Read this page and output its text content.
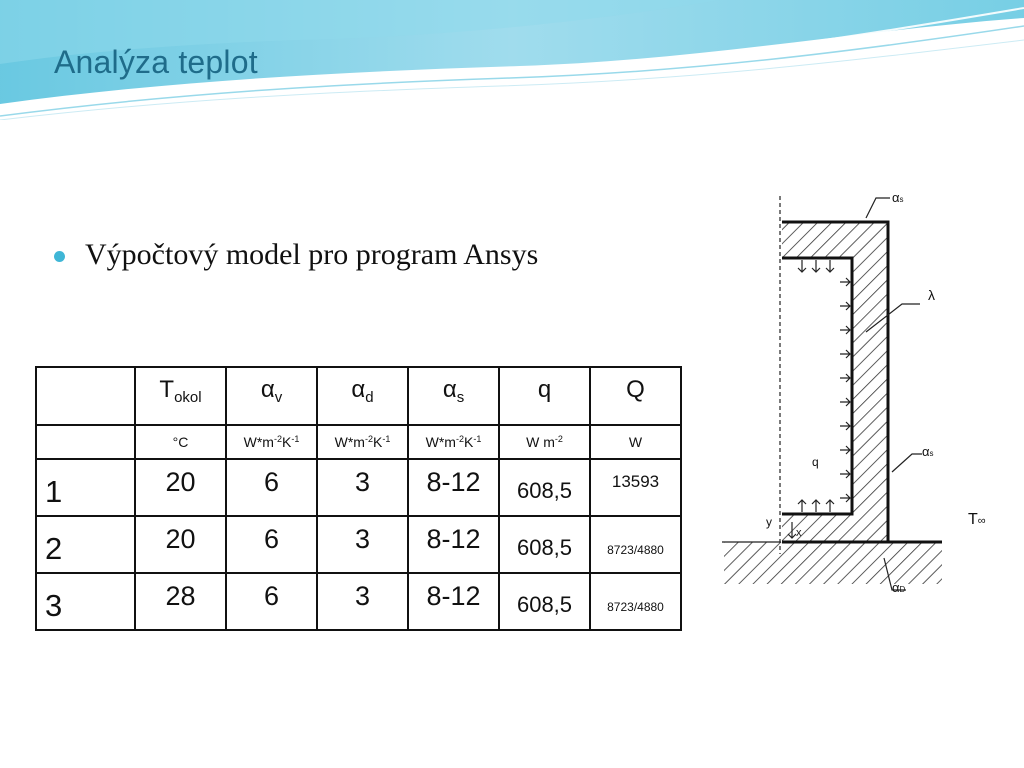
Analýza teplot
Výpočtový model pro program Ansys
	$T_{okol}$	$\alpha_v$	$\alpha_d$	$\alpha_s$	q	Q
	°C	$W*m^{-2}K^{-1}$	$W*m^{-2}K^{-1}$	$W*m^{-2}K^{-1}$	W $m^{-2}$	W
1	20	6	3	8-12	608,5	13593
2	20	6	3	8-12	608,5	8723/4880
3	28	6	3	8-12	608,5	8723/4880
αs
λ
αs
αD
q
T∞
y
x
